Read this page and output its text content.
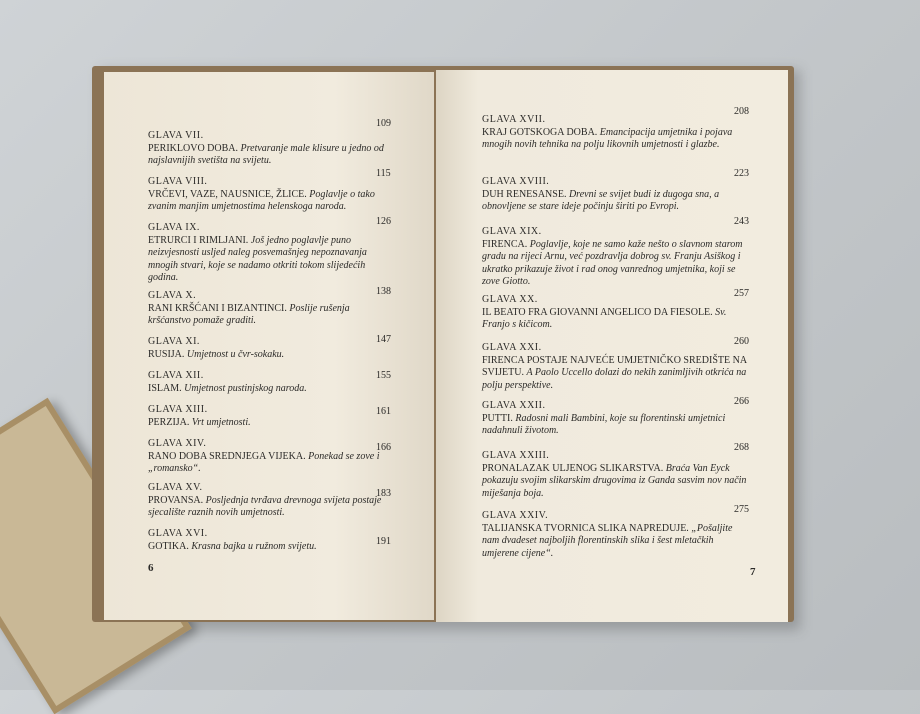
GLAVA VII.
PERIKLOVO DOBA. Pretvaranje male klisure u jedno od najslavnijih svetišta na svijetu.
109
GLAVA VIII.
VRČEVI, VAZE, NAUSNICE, ŽLICE. Poglavlje o tako zvanim manjim umjetnostima helenskoga naroda.
115
GLAVA IX.
ETRURCI I RIMLJANI. Još jedno poglavlje puno neizvjesnosti usljed naleg posvemašnjeg nepoznavanja mnogih stvari, koje se nadamo otkriti tokom slijedećih godina.
126
GLAVA X.
RANI KRŠĆANI I BIZANTINCI. Poslije rušenja kršćanstvo pomaže graditi.
138
GLAVA XI.
RUSIJA. Umjetnost u čvr-sokaku.
147
GLAVA XII.
ISLAM. Umjetnost pustinjskog naroda.
155
GLAVA XIII.
PERZIJA. Vrt umjetnosti.
161
GLAVA XIV.
RANO DOBA SREDNJEGA VIJEKA. Ponekad se zove i „romansko“.
166
GLAVA XV.
PROVANSA. Posljednja tvrđava drevnoga svijeta postaje sjecalište raznih novih umjetnosti.
183
GLAVA XVI.
GOTIKA. Krasna bajka u ružnom svijetu.	191
6
GLAVA XVII.
KRAJ GOTSKOGA DOBA. Emancipacija umjetnika i pojava mnogih novih tehnika na polju likovnih umjetnosti i glazbe.
208
GLAVA XVIII.
DUH RENESANSE. Drevni se svijet budi iz dugoga sna, a obnovljene se stare ideje počinju širiti po Evropi.
223
GLAVA XIX.
FIRENCA. Poglavlje, koje ne samo kaže nešto o slavnom starom gradu na rijeci Arnu, već pozdravlja dobrog sv. Franju Asiškog i ukratko prikazuje život i rad onog vanrednog umjetnika, koji se zove Giotto.
243
GLAVA XX.
IL BEATO FRA GIOVANNI ANGELICO DA FIESOLE. Sv. Franjo s kičicom.
257
GLAVA XXI.
FIRENCA POSTAJE NAJVEĆE UMJETNIČKO SREDIŠTE NA SVIJETU. A Paolo Uccello dolazi do nekih zanimljivih otkrića na polju perspektive.
260
GLAVA XXII.
PUTTI. Radosni mali Bambini, koje su florentinski umjetnici nadahnuli životom.
266
GLAVA XXIII.
PRONALAZAK ULJENOG SLIKARSTVA. Braća Van Eyck pokazuju svojim slikarskim drugovima iz Ganda sasvim nov način miješanja boja.
268
GLAVA XXIV.
TALIJANSKA TVORNICA SLIKA NAPREDUJE. „Pošaljite nam dvadeset najboljih florentinskih slika i šest mletačkih umjerene cijene“.
275
7
